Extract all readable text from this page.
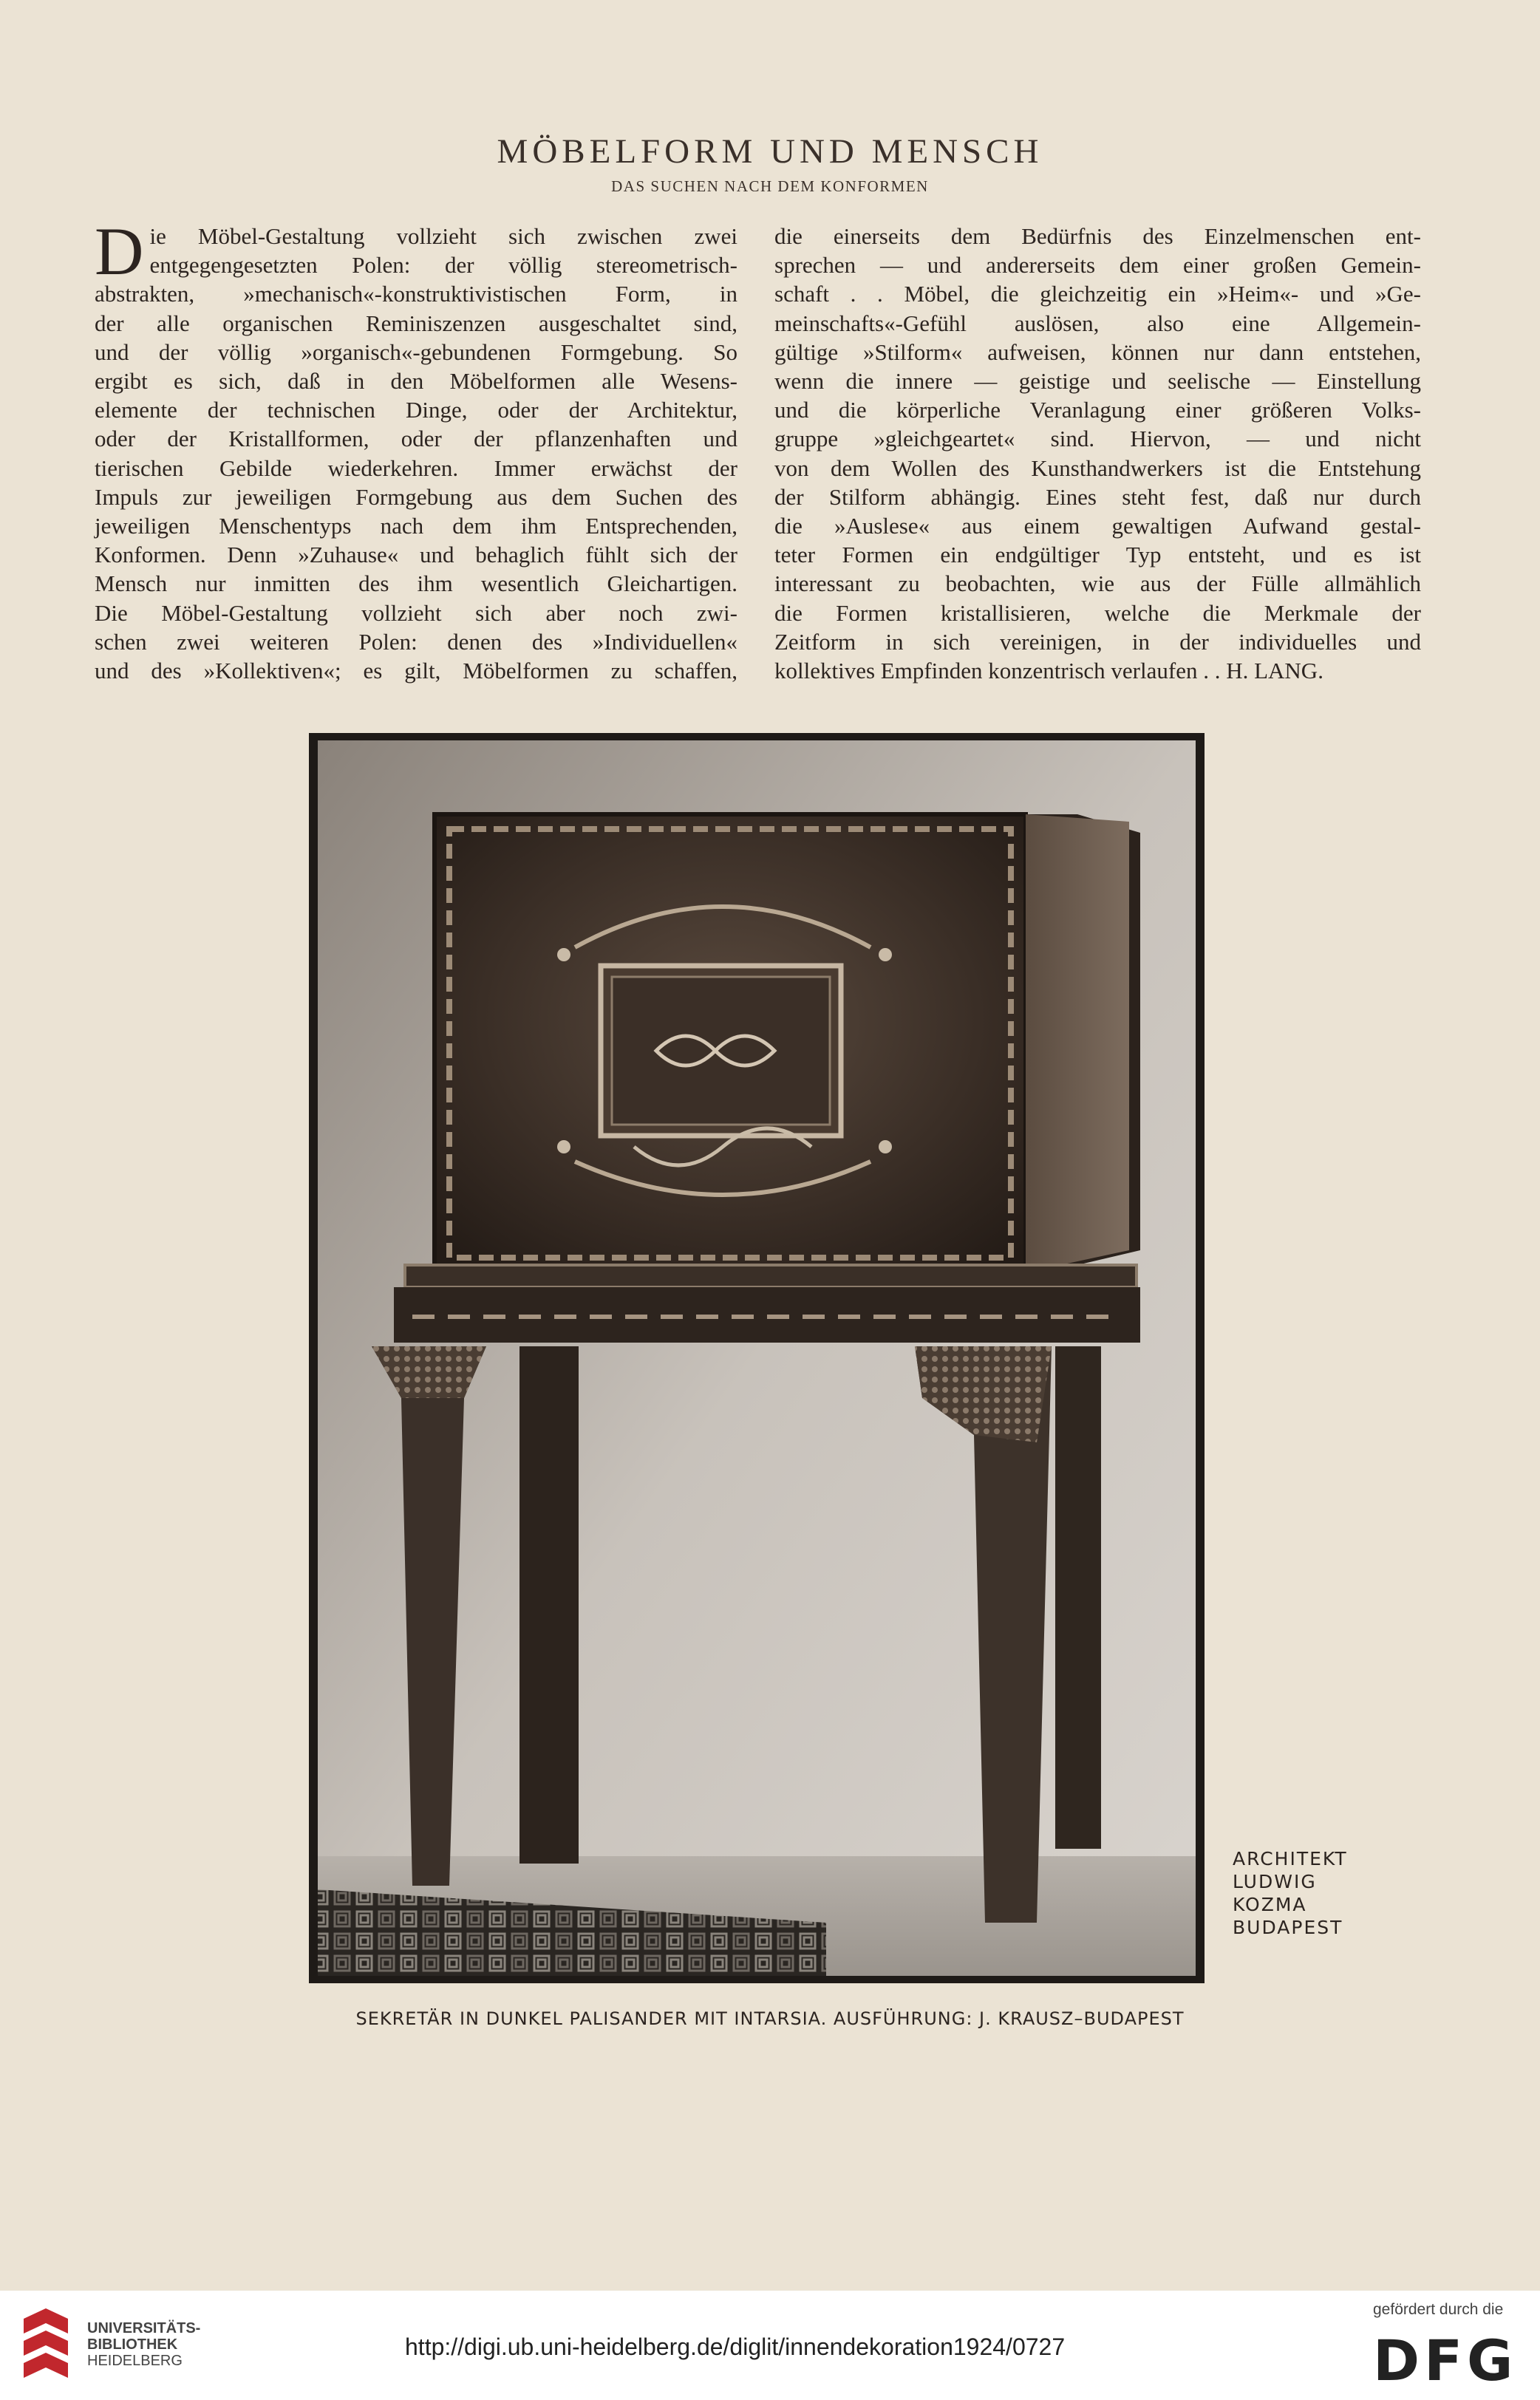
MÖBELFORM UND MENSCH
DAS SUCHEN NACH DEM KONFORMEN
D ie Möbel-Gestaltung vollzieht sich zwischen zwei
entgegengesetzten Polen: der völlig stereometrisch-
abstrakten, »mechanisch«-konstruktivistischen Form, in
der alle organischen Reminiszenzen ausgeschaltet sind,
und der völlig »organisch«-gebundenen Formgebung. So
ergibt es sich, daß in den Möbelformen alle Wesens-
elemente der technischen Dinge, oder der Architektur,
oder der Kristallformen, oder der pflanzenhaften und
tierischen Gebilde wiederkehren. Immer erwächst der
Impuls zur jeweiligen Formgebung aus dem Suchen des
jeweiligen Menschentyps nach dem ihm Entsprechenden,
Konformen. Denn »Zuhause« und behaglich fühlt sich der
Mensch nur inmitten des ihm wesentlich Gleichartigen.
Die Möbel-Gestaltung vollzieht sich aber noch zwi-
schen zwei weiteren Polen: denen des »Individuellen«
und des »Kollektiven«; es gilt, Möbelformen zu schaffen,
die einerseits dem Bedürfnis des Einzelmenschen ent-
sprechen — und andererseits dem einer großen Gemein-
schaft . . Möbel, die gleichzeitig ein »Heim«- und »Ge-
meinschafts«-Gefühl auslösen, also eine Allgemein-
gültige »Stilform« aufweisen, können nur dann entstehen,
wenn die innere — geistige und seelische — Einstellung
und die körperliche Veranlagung einer größeren Volks-
gruppe »gleichgeartet« sind. Hiervon, — und nicht
von dem Wollen des Kunsthandwerkers ist die Entstehung
der Stilform abhängig. Eines steht fest, daß nur durch
die »Auslese« aus einem gewaltigen Aufwand gestal-
teter Formen ein endgültiger Typ entsteht, und es ist
interessant zu beobachten, wie aus der Fülle allmählich
die Formen kristallisieren, welche die Merkmale der
Zeitform in sich vereinigen, in der individuelles und
kollektives Empfinden konzentrisch verlaufen . . H. LANG.
ARCHITEKT
LUDWIG
KOZMA
BUDAPEST
SEKRETÄR IN DUNKEL PALISANDER MIT INTARSIA. AUSFÜHRUNG: J. KRAUSZ–BUDAPEST
UNIVERSITÄTS-
BIBLIOTHEK
HEIDELBERG
http://digi.ub.uni-heidelberg.de/diglit/innendekoration1924/0727
gefördert durch die
DFG
